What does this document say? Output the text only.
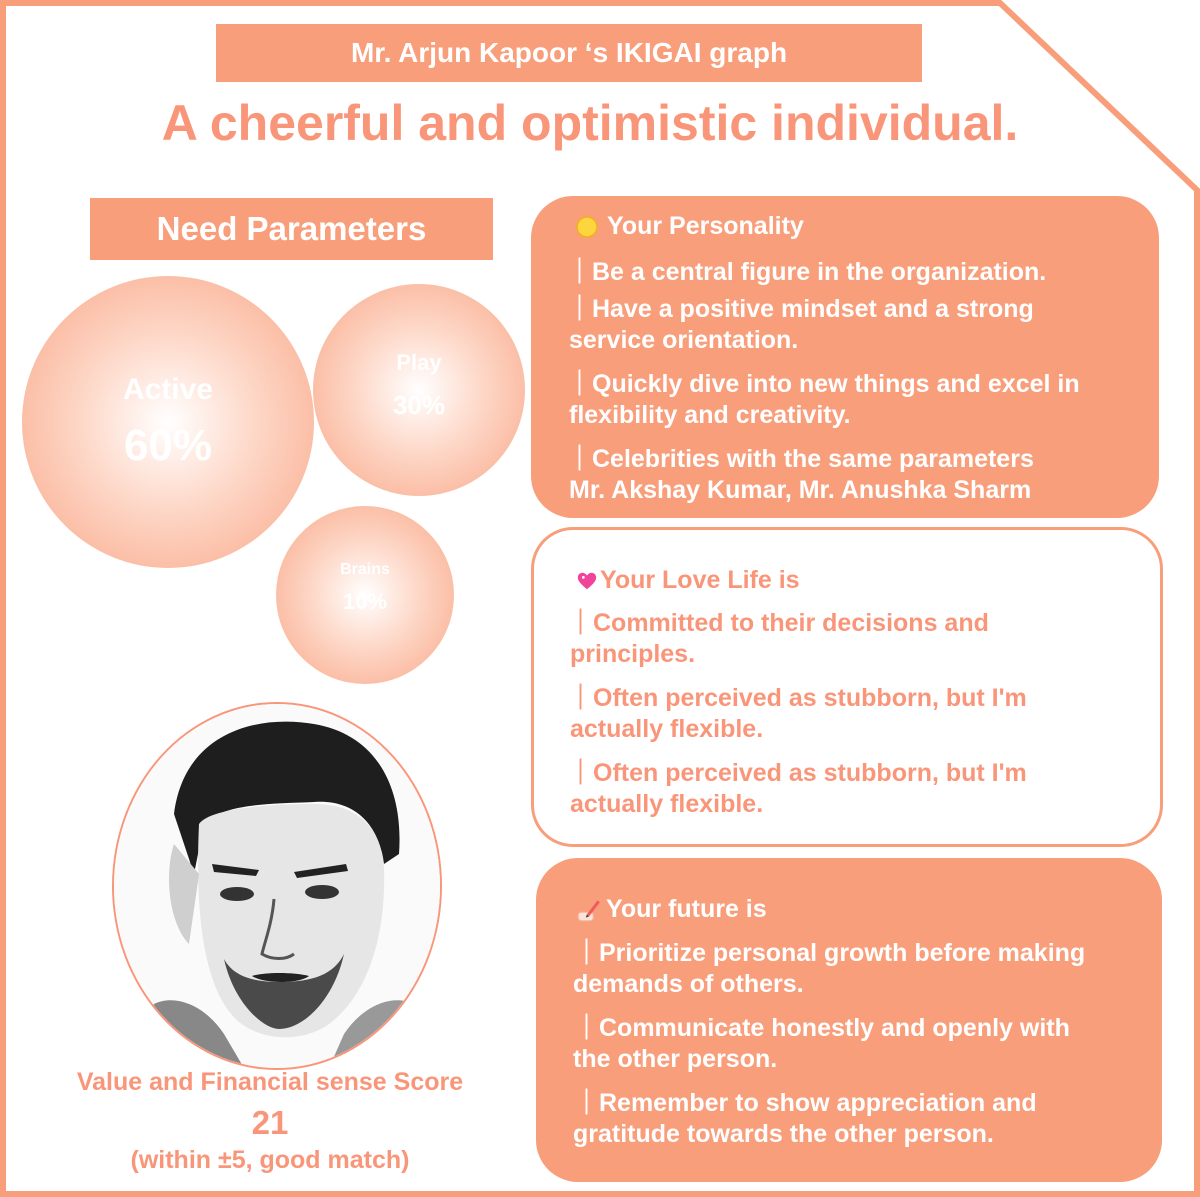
Mr. Arjun Kapoor ‘s IKIGAI graph
A cheerful and optimistic individual.
Need Parameters
Active
60%
Play
30%
Brains
10%
Value and Financial sense Score
21
(within ±5, good match)
Your Personality
｜Be a central figure in the organization.
｜Have a positive mindset and a strong
service orientation.
｜Quickly dive into new things and excel in
flexibility and creativity.
｜Celebrities with the same parameters
Mr. Akshay Kumar, Mr. Anushka Sharm
Your Love Life is
｜Committed to their decisions and
principles.
｜Often perceived as stubborn, but I'm
actually flexible.
｜Often perceived as stubborn, but I'm
actually flexible.
Your future is
｜Prioritize personal growth before making
demands of others.
｜Communicate honestly and openly with
the other person.
｜Remember to show appreciation and
gratitude towards the other person.
